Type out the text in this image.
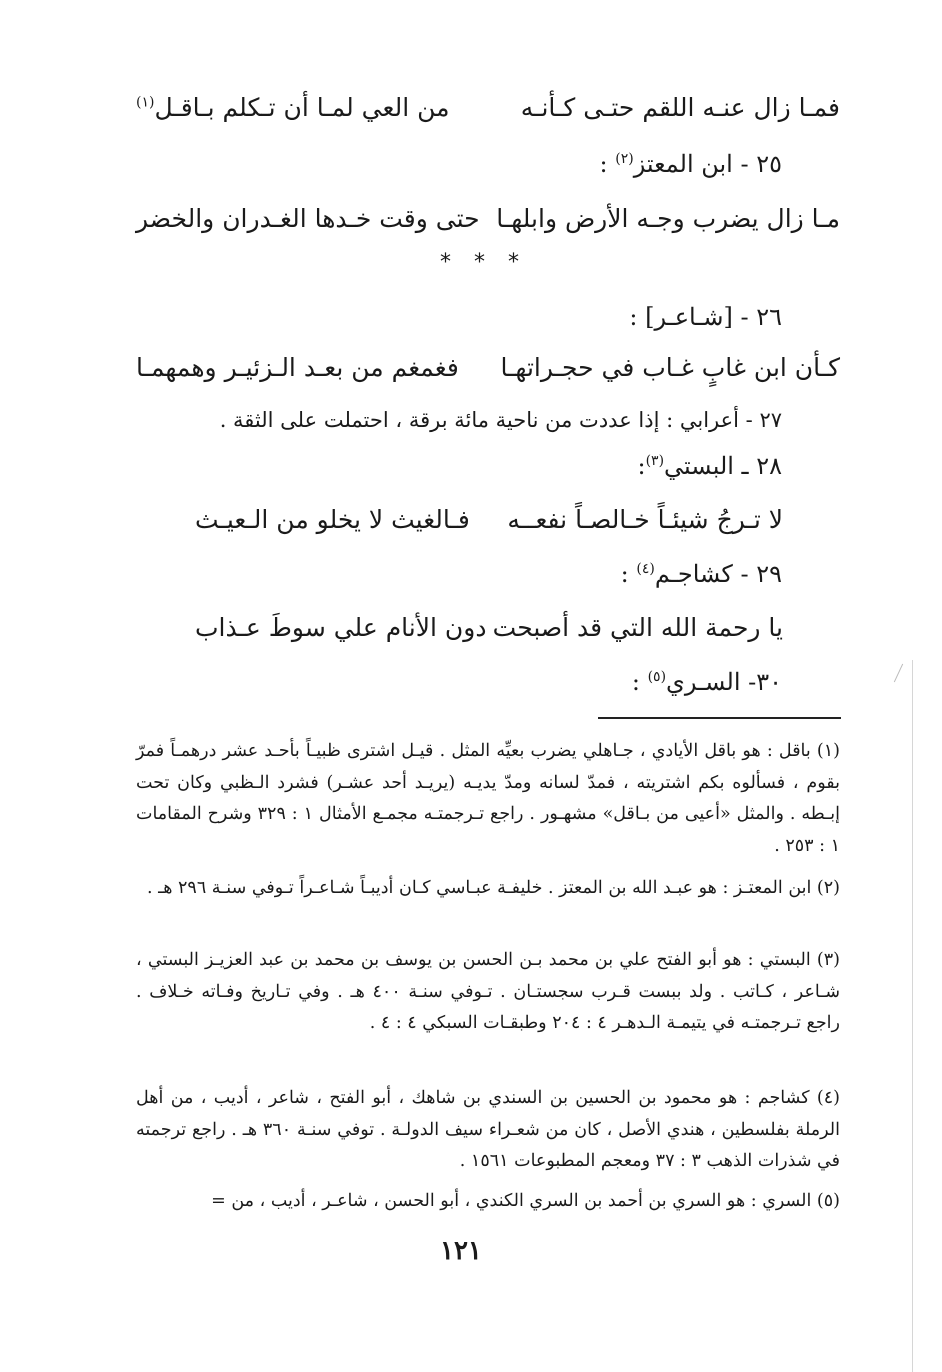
فمـا زال عنـه اللقم حتـى كـأنـه
من العي لمـا أن تـكلم بـاقـل$^{(١)}$
٢٥ - ابن المعتز$^{(٢)}$ :
مـا زال يضرب وجـه الأرض وابلهـا
حتى وقت خـدها الغـدران والخضر
* * *
٢٦ - [شـاعـر] :
كـأن ابن غابٍ غـاب في حجـراتهـا
فغمغم من بعـد الـزئيـر وهمهمـا
٢٧ - أعرابي : إذا عددت من ناحية مائة برقة ، احتملت على الثقة .
٢٨ ـ البستي$^{(٣)}$:
لا تـرجُ شيئـاً خـالصـاً نفعــه
فـالغيث لا يخلو من الـعيـث
٢٩ - كشاجـم$^{(٤)}$ :
يا رحمة الله التي قد أصبحت
دون الأنام علي سوطَ عـذاب
٣٠- السـري$^{(٥)}$ :
(١) باقل : هو باقل الأيادي ، جـاهلي يضرب بعيِّه المثل . قيـل اشترى ظبيـاً بأحـد عشر درهمـاً فمرّ بقوم ، فسألوه بكم اشتريته ، فمدّ لسانه ومدّ يديـه (يريـد أحد عشـر) فشرد الـظبي وكان تحت إبـطه . والمثل «أعيى من بـاقل» مشهـور . راجع تـرجمتـه مجمـع الأمثال ١ : ٣٢٩ وشرح المقامات ١ : ٢٥٣ .
(٢) ابن المعتـز : هو عبـد الله بن المعتز . خليفـة عبـاسي كـان أديبـاً شـاعـراً تـوفي سنـة ٢٩٦ هـ .
(٣) البستي : هو أبو الفتح علي بن محمد بـن الحسن بن يوسف بن محمد بن عبد العزيـز البستي ، شـاعر ، كـاتب . ولد ببست قـرب سجستـان . تـوفي سنـة ٤٠٠ هـ . وفي تـاريخ وفـاته خـلاف . راجع تـرجمتـه في يتيمـة الـدهـر ٤ : ٢٠٤ وطبقـات السبكي ٤ : ٤ .
(٤) كشاجم : هو محمود بن الحسين بن السندي بن شاهك ، أبو الفتح ، شاعر ، أديب ، من أهل الرملة بفلسطين ، هندي الأصل ، كان من شعـراء سيف الدولـة . توفي سنـة ٣٦٠ هـ . راجع ترجمته في شذرات الذهب ٣ : ٣٧ ومعجم المطبوعات ١٥٦١ .
(٥) السري : هو السري بن أحمد بن السري الكندي ، أبو الحسن ، شاعـر ، أديب ، من =
١٢١
